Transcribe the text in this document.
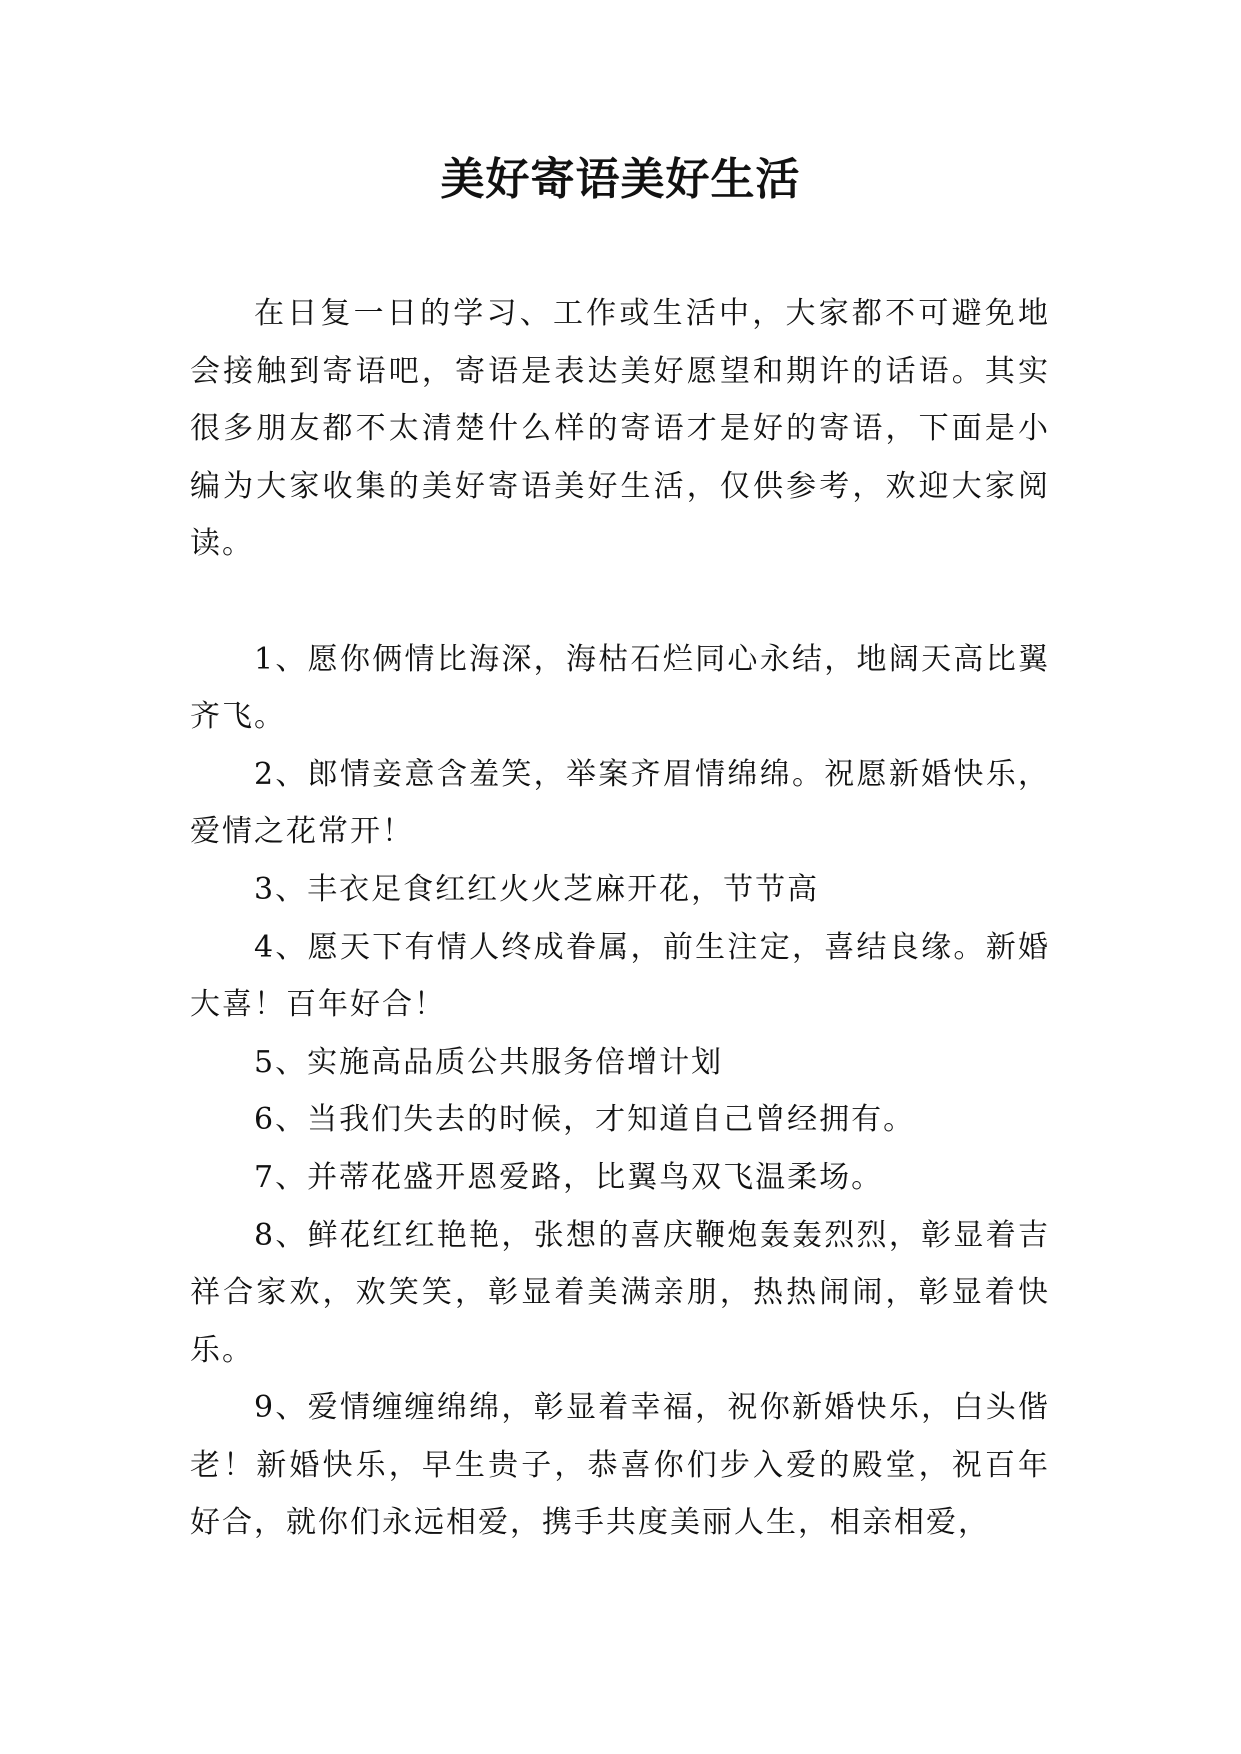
美好寄语美好生活

在日复一日的学习、工作或生活中，大家都不可避免地会接触到寄语吧，寄语是表达美好愿望和期许的话语。其实很多朋友都不太清楚什么样的寄语才是好的寄语，下面是小编为大家收集的美好寄语美好生活，仅供参考，欢迎大家阅读。

1、愿你俩情比海深，海枯石烂同心永结，地阔天高比翼齐飞。

2、郎情妾意含羞笑，举案齐眉情绵绵。祝愿新婚快乐，爱情之花常开！

3、丰衣足食红红火火芝麻开花，节节高

4、愿天下有情人终成眷属，前生注定，喜结良缘。新婚大喜！百年好合！

5、实施高品质公共服务倍增计划

6、当我们失去的时候，才知道自己曾经拥有。

7、并蒂花盛开恩爱路，比翼鸟双飞温柔场。

8、鲜花红红艳艳，张想的喜庆鞭炮轰轰烈烈，彰显着吉祥合家欢，欢笑笑，彰显着美满亲朋，热热闹闹，彰显着快乐。

9、爱情缠缠绵绵，彰显着幸福，祝你新婚快乐，白头偕老！新婚快乐，早生贵子，恭喜你们步入爱的殿堂，祝百年好合，就你们永远相爱，携手共度美丽人生，相亲相爱，
